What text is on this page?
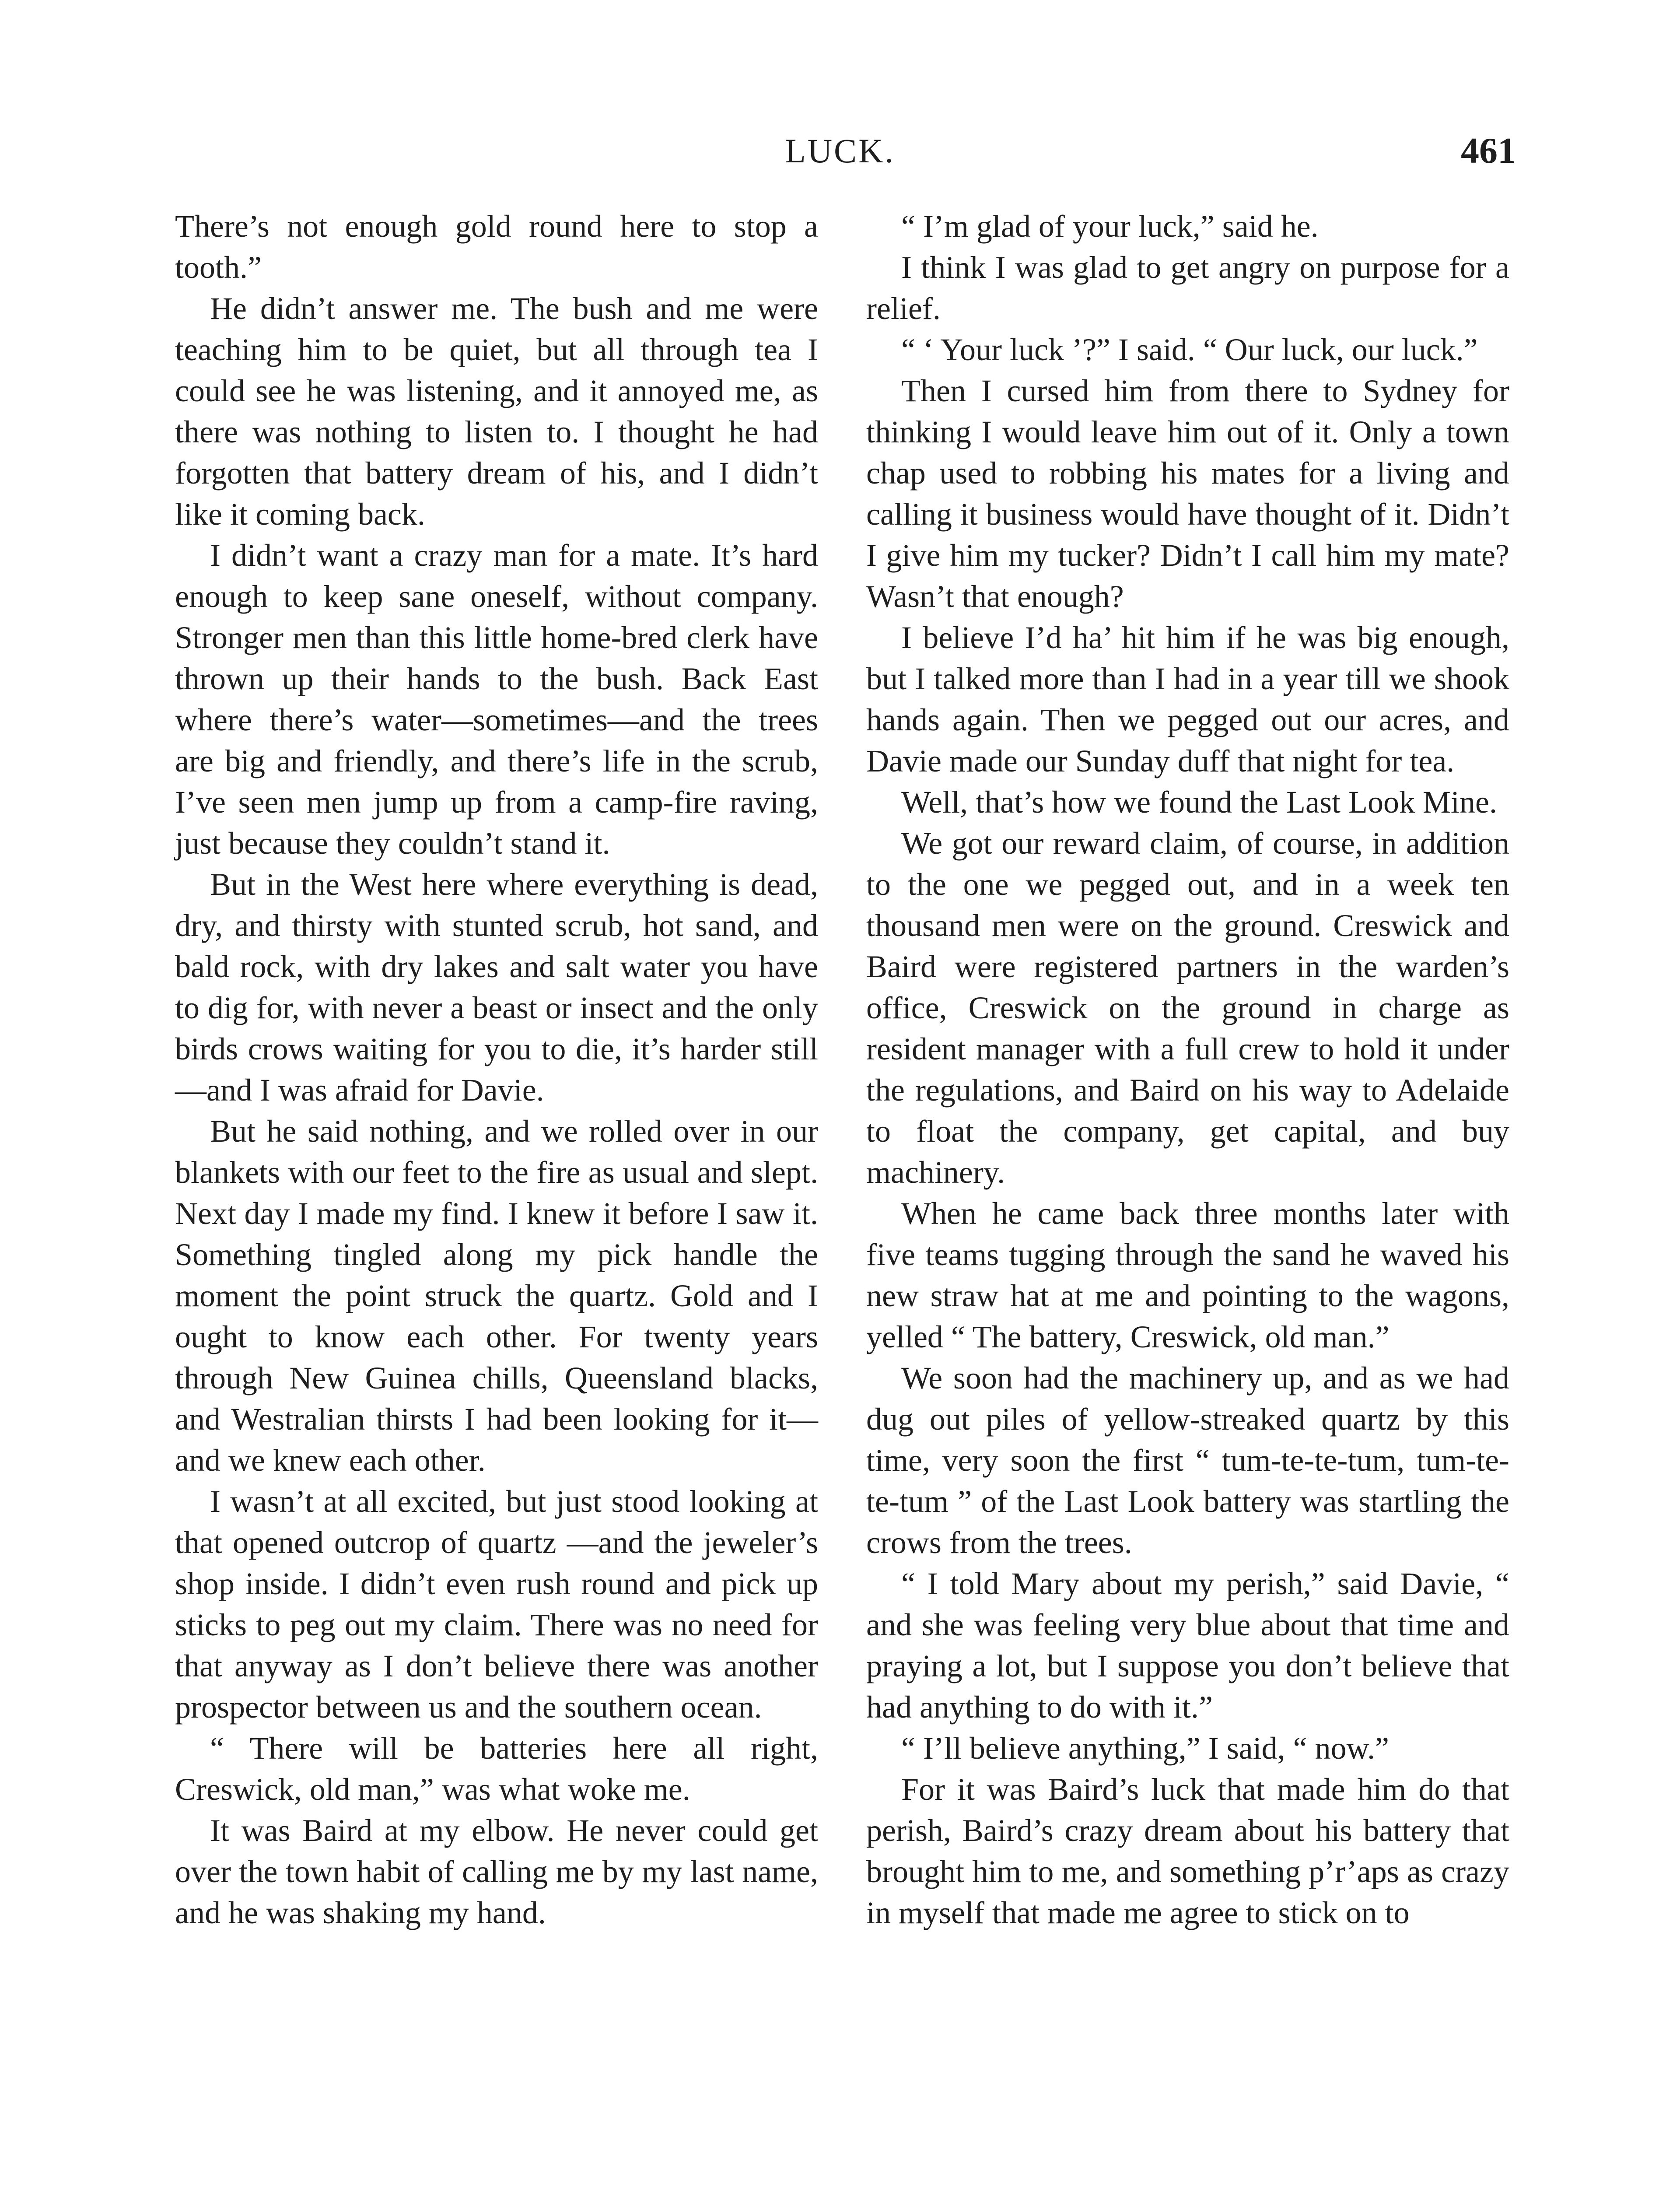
LUCK.	461

There’s not enough gold round here to stop a tooth.”

He didn’t answer me. The bush and me were teaching him to be quiet, but all through tea I could see he was listening, and it annoyed me, as there was nothing to listen to. I thought he had forgotten that battery dream of his, and I didn’t like it coming back.

I didn’t want a crazy man for a mate. It’s hard enough to keep sane oneself, without company. Stronger men than this little home-bred clerk have thrown up their hands to the bush. Back East where there’s water—sometimes—and the trees are big and friendly, and there’s life in the scrub, I’ve seen men jump up from a camp-fire raving, just because they couldn’t stand it.

But in the West here where everything is dead, dry, and thirsty with stunted scrub, hot sand, and bald rock, with dry lakes and salt water you have to dig for, with never a beast or insect and the only birds crows waiting for you to die, it’s harder still—and I was afraid for Davie.

But he said nothing, and we rolled over in our blankets with our feet to the fire as usual and slept. Next day I made my find. I knew it before I saw it. Something tingled along my pick handle the moment the point struck the quartz. Gold and I ought to know each other. For twenty years through New Guinea chills, Queensland blacks, and Westralian thirsts I had been looking for it—and we knew each other.

I wasn’t at all excited, but just stood looking at that opened outcrop of quartz —and the jeweler’s shop inside. I didn’t even rush round and pick up sticks to peg out my claim. There was no need for that anyway as I don’t believe there was another prospector between us and the southern ocean.

“ There will be batteries here all right, Creswick, old man,” was what woke me.

It was Baird at my elbow. He never could get over the town habit of calling me by my last name, and he was shaking my hand.

“ I’m glad of your luck,” said he.

I think I was glad to get angry on purpose for a relief.

“ ‘ Your luck ’?” I said. “ Our luck, our luck.”

Then I cursed him from there to Sydney for thinking I would leave him out of it. Only a town chap used to robbing his mates for a living and calling it business would have thought of it. Didn’t I give him my tucker? Didn’t I call him my mate? Wasn’t that enough?

I believe I’d ha’ hit him if he was big enough, but I talked more than I had in a year till we shook hands again. Then we pegged out our acres, and Davie made our Sunday duff that night for tea.

Well, that’s how we found the Last Look Mine.

We got our reward claim, of course, in addition to the one we pegged out, and in a week ten thousand men were on the ground. Creswick and Baird were registered partners in the warden’s office, Creswick on the ground in charge as resident manager with a full crew to hold it under the regulations, and Baird on his way to Adelaide to float the company, get capital, and buy machinery.

When he came back three months later with five teams tugging through the sand he waved his new straw hat at me and pointing to the wagons, yelled “ The battery, Creswick, old man.”

We soon had the machinery up, and as we had dug out piles of yellow-streaked quartz by this time, very soon the first “ tum-te-te-tum, tum-te-te-tum ” of the Last Look battery was startling the crows from the trees.

“ I told Mary about my perish,” said Davie, “ and she was feeling very blue about that time and praying a lot, but I suppose you don’t believe that had anything to do with it.”

“ I’ll believe anything,” I said, “ now.”

For it was Baird’s luck that made him do that perish, Baird’s crazy dream about his battery that brought him to me, and something p’r’aps as crazy in myself that made me agree to stick on to
